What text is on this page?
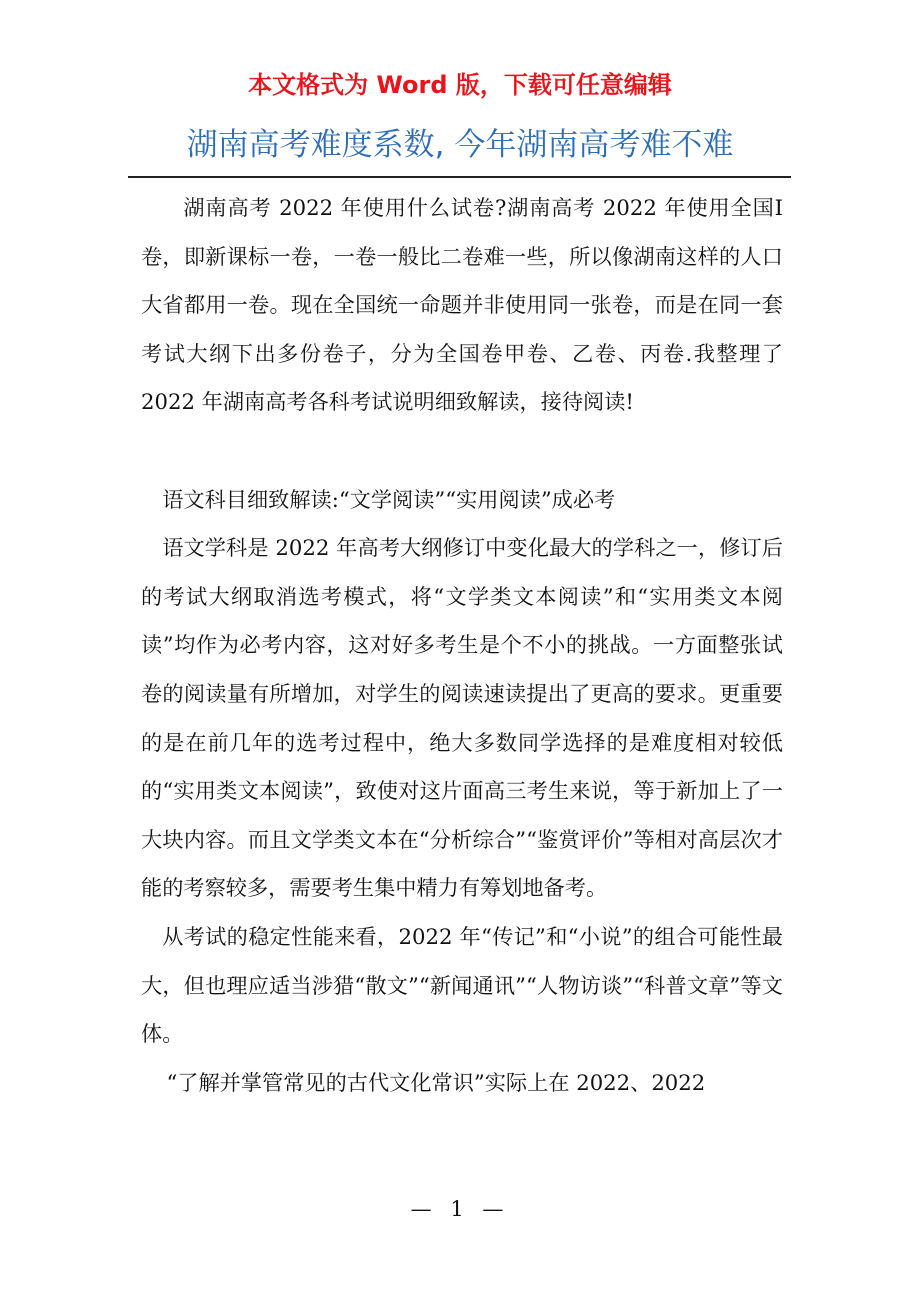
本文格式为 Word 版，下载可任意编辑
湖南高考难度系数, 今年湖南高考难不难

湖南高考 2022 年使用什么试卷?湖南高考 2022 年使用全国Ⅰ卷，即新课标一卷，一卷一般比二卷难一些，所以像湖南这样的人口大省都用一卷。现在全国统一命题并非使用同一张卷，而是在同一套考试大纲下出多份卷子，分为全国卷甲卷、乙卷、丙卷.我整理了 2022 年湖南高考各科考试说明细致解读，接待阅读!

语文科目细致解读:“文学阅读”“实用阅读”成必考

语文学科是 2022 年高考大纲修订中变化最大的学科之一，修订后的考试大纲取消选考模式，将“文学类文本阅读”和“实用类文本阅读”均作为必考内容，这对好多考生是个不小的挑战。一方面整张试卷的阅读量有所增加，对学生的阅读速读提出了更高的要求。更重要的是在前几年的选考过程中，绝大多数同学选择的是难度相对较低的“实用类文本阅读”，致使对这片面高三考生来说，等于新加上了一大块内容。而且文学类文本在“分析综合”“鉴赏评价”等相对高层次才能的考察较多，需要考生集中精力有筹划地备考。

从考试的稳定性能来看，2022 年“传记”和“小说”的组合可能性最大，但也理应适当涉猎“散文”“新闻通讯”“人物访谈”“科普文章”等文体。

“了解并掌管常见的古代文化常识”实际上在 2022、2022

— 1 —
